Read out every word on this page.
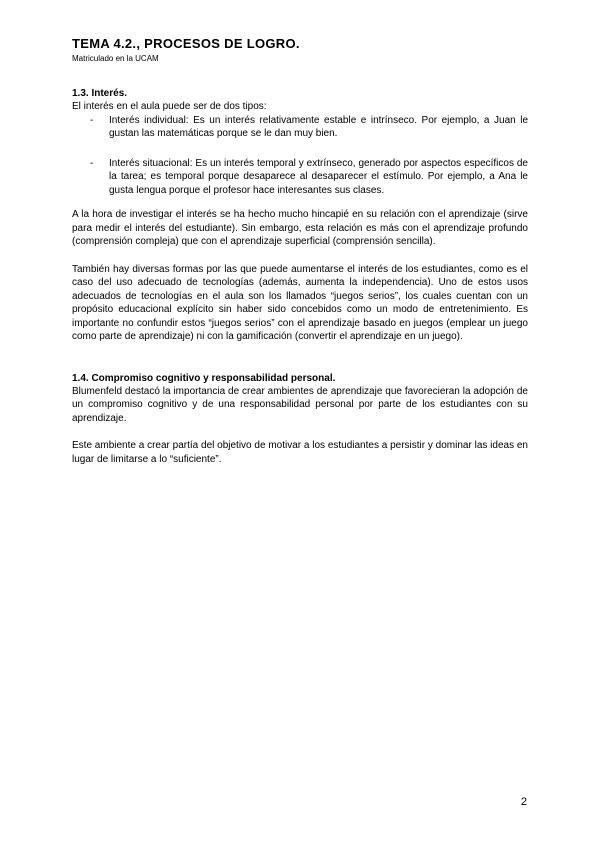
TEMA 4.2., PROCESOS DE LOGRO.

Matriculado en la UCAM

1.3. Interés.

El interés en el aula puede ser de dos tipos:

- Interés individual: Es un interés relativamente estable e intrínseco. Por ejemplo, a Juan le gustan las matemáticas porque se le dan muy bien.
- Interés situacional: Es un interés temporal y extrínseco, generado por aspectos específicos de la tarea; es temporal porque desaparece al desaparecer el estímulo. Por ejemplo, a Ana le gusta lengua porque el profesor hace interesantes sus clases.

A la hora de investigar el interés se ha hecho mucho hincapié en su relación con el aprendizaje (sirve para medir el interés del estudiante). Sin embargo, esta relación es más con el aprendizaje profundo (comprensión compleja) que con el aprendizaje superficial (comprensión sencilla).

También hay diversas formas por las que puede aumentarse el interés de los estudiantes, como es el caso del uso adecuado de tecnologías (además, aumenta la independencia). Uno de estos usos adecuados de tecnologías en el aula son los llamados “juegos serios”, los cuales cuentan con un propósito educacional explícito sin haber sido concebidos como un modo de entretenimiento. Es importante no confundir estos “juegos serios” con el aprendizaje basado en juegos (emplear un juego como parte de aprendizaje) ni con la gamificación (convertir el aprendizaje en un juego).

1.4. Compromiso cognitivo y responsabilidad personal.

Blumenfeld destacó la importancia de crear ambientes de aprendizaje que favorecieran la adopción de un compromiso cognitivo y de una responsabilidad personal por parte de los estudiantes con su aprendizaje.

Este ambiente a crear partía del objetivo de motivar a los estudiantes a persistir y dominar las ideas en lugar de limitarse a lo “suficiente”.

2
